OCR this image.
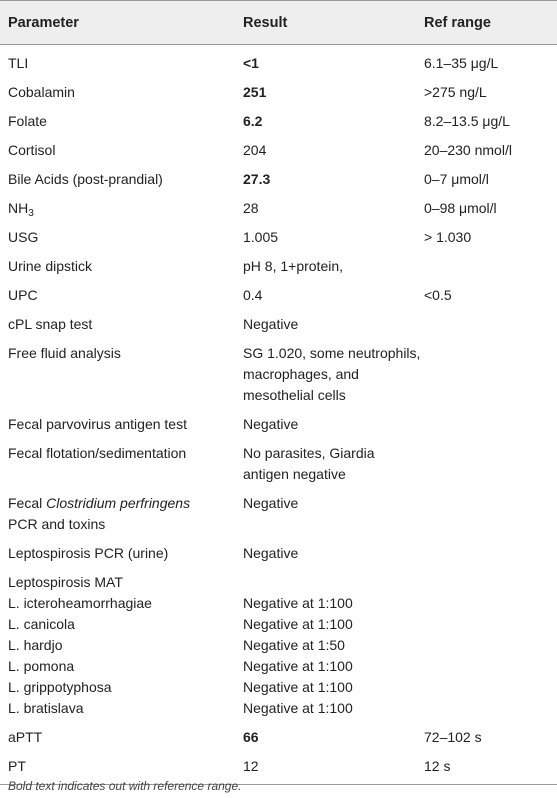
Parameter	Result	Ref range
TLI	<1	6.1–35 μg/L
Cobalamin	251	>275 ng/L
Folate	6.2	8.2–13.5 μg/L
Cortisol	204	20–230 nmol/l
Bile Acids (post-prandial)	27.3	0–7 μmol/l
$NH_3$	28	0–98 μmol/l
USG	1.005	> 1.030
Urine dipstick	pH 8, 1+protein,	
UPC	0.4	<0.5
cPL snap test	Negative	
Free fluid analysis	SG 1.020, some neutrophils, macrophages, and mesothelial cells	
Fecal parvovirus antigen test	Negative	
Fecal flotation/sedimentation	No parasites, Giardia antigen negative	
Fecal Clostridium perfringens
PCR and toxins	Negative	
Leptospirosis PCR (urine)	Negative	
Leptospirosis MAT		
L. icteroheamorrhagiae	Negative at 1:100	
L. canicola	Negative at 1:100	
L. hardjo	Negative at 1:50	
L. pomona	Negative at 1:100	
L. grippotyphosa	Negative at 1:100	
L. bratislava	Negative at 1:100	
aPTT	66	72–102 s
PT	12	12 s
Bold text indicates out with reference range.
